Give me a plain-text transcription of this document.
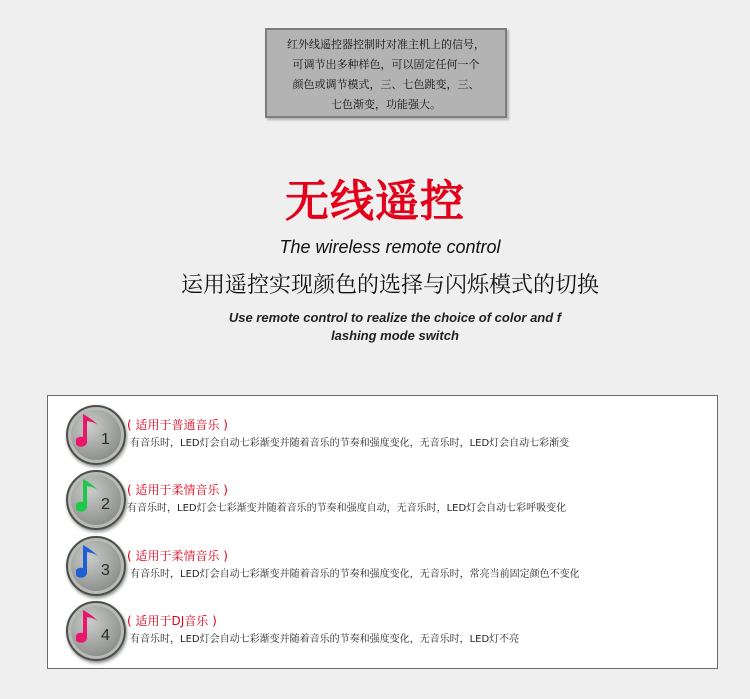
红外线遥控器控制时对准主机上的信号，
可调节出多种样色，可以固定任何一个
颜色或调节模式，三、七色跳变，三、
七色渐变，功能强大。
无线遥控
The wireless remote control
运用遥控实现颜色的选择与闪烁模式的切换
Use remote control to realize the choice of color and f
lashing mode switch
1
( 适用于普通音乐 )
有音乐时，LED灯会自动七彩渐变并随着音乐的节奏和强度变化，无音乐时，LED灯会自动七彩渐变
2
( 适用于柔情音乐 )
有音乐时，LED灯会七彩渐变并随着音乐的节奏和强度自动，无音乐时，LED灯会自动七彩呼吸变化
3
( 适用于柔情音乐 )
有音乐时，LED灯会自动七彩渐变并随着音乐的节奏和强度变化，无音乐时，常亮当前固定颜色不变化
4
( 适用于DJ音乐 )
有音乐时，LED灯会自动七彩渐变并随着音乐的节奏和强度变化，无音乐时，LED灯不亮
